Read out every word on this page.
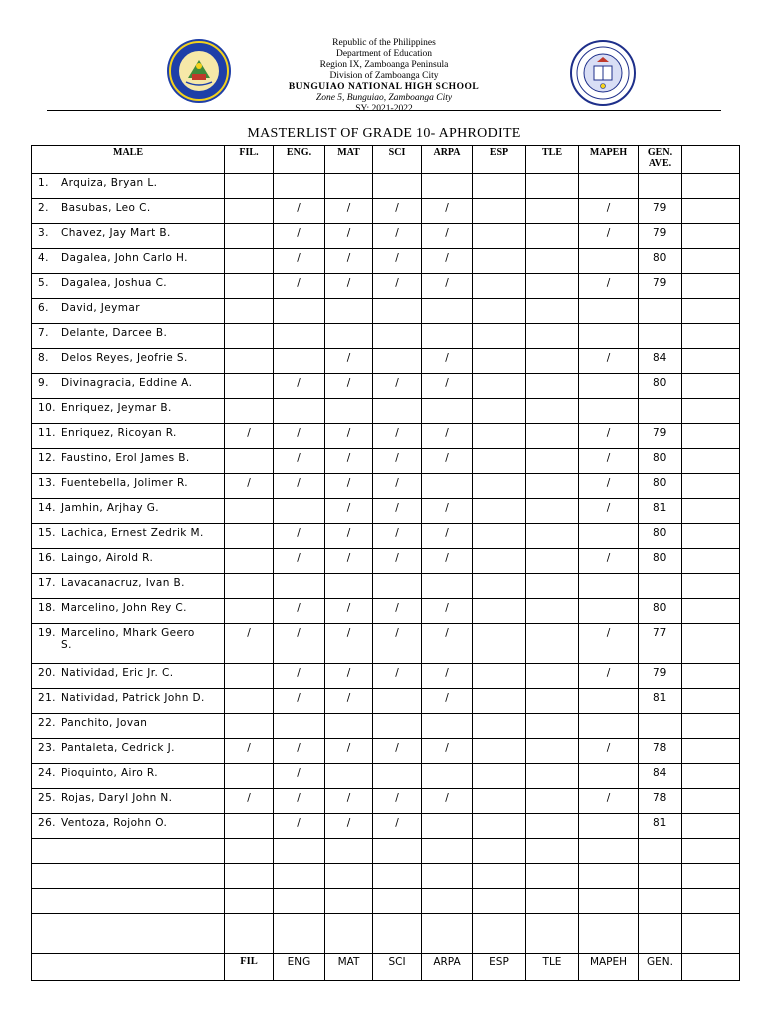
Republic of the Philippines
Department of Education
Region IX, Zamboanga Peninsula
Division of Zamboanga City
BUNGUIAO NATIONAL HIGH SCHOOL
Zone 5, Bunguiao, Zamboanga City
SY: 2021-2022
MASTERLIST OF GRADE 10- APHRODITE
MALE	FIL.	ENG.	MAT	SCI	ARPA	ESP	TLE	MAPEH	GEN. AVE.	
1. Arquiza, Bryan L.										
2. Basubas, Leo C.		/	/	/	/			/	79	
3. Chavez, Jay Mart B.		/	/	/	/			/	79	
4. Dagalea, John Carlo H.		/	/	/	/				80	
5. Dagalea, Joshua C.		/	/	/	/			/	79	
6. David, Jeymar										
7. Delante, Darcee B.										
8. Delos Reyes, Jeofrie S.			/		/			/	84	
9. Divinagracia, Eddine A.		/	/	/	/				80	
10. Enriquez, Jeymar B.										
11. Enriquez, Ricoyan R.	/	/	/	/	/			/	79	
12. Faustino, Erol James B.		/	/	/	/			/	80	
13. Fuentebella, Jolimer R.	/	/	/	/				/	80	
14. Jamhin, Arjhay G.			/	/	/			/	81	
15. Lachica, Ernest Zedrik M.		/	/	/	/				80	
16. Laingo, Airold R.		/	/	/	/			/	80	
17. Lavacanacruz, Ivan B.										
18. Marcelino, John Rey C.		/	/	/	/				80	
19. Marcelino, Mhark Geero S.	/	/	/	/	/			/	77	
20. Natividad, Eric Jr. C.		/	/	/	/			/	79	
21. Natividad, Patrick John D.		/	/		/				81	
22. Panchito, Jovan										
23. Pantaleta, Cedrick J.	/	/	/	/	/			/	78	
24. Pioquinto, Airo R.		/							84	
25. Rojas, Daryl John N.	/	/	/	/	/			/	78	
26. Ventoza, Rojohn O.		/	/	/					81	

	FIL	ENG	MAT	SCI	ARPA	ESP	TLE	MAPEH	GEN.	
